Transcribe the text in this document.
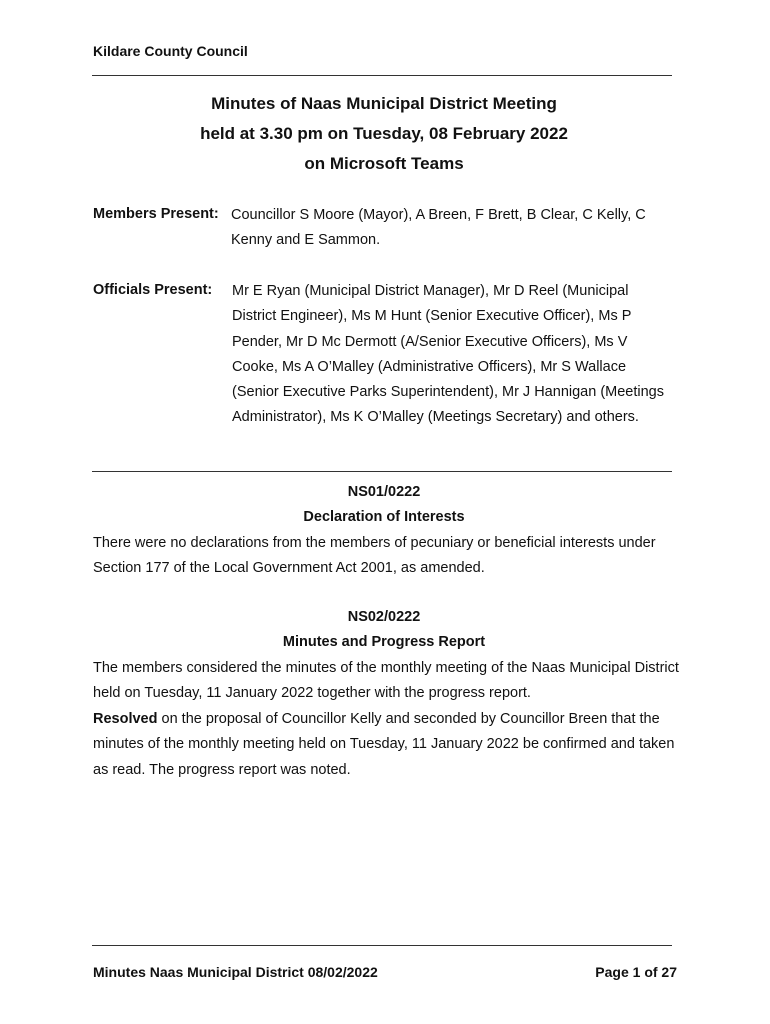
Kildare County Council
Minutes of Naas Municipal District Meeting
held at 3.30 pm on Tuesday, 08 February 2022
on Microsoft Teams
Members Present: Councillor S Moore (Mayor), A Breen, F Brett, B Clear, C Kelly, C Kenny and E Sammon.

Officials Present: Mr E Ryan (Municipal District Manager), Mr D Reel (Municipal District Engineer), Ms M Hunt (Senior Executive Officer), Ms P Pender, Mr D Mc Dermott (A/Senior Executive Officers), Ms V Cooke, Ms A O’Malley (Administrative Officers), Mr S Wallace (Senior Executive Parks Superintendent), Mr J Hannigan (Meetings Administrator), Ms K O’Malley (Meetings Secretary) and others.

NS01/0222
Declaration of Interests

There were no declarations from the members of pecuniary or beneficial interests under Section 177 of the Local Government Act 2001, as amended.

NS02/0222
Minutes and Progress Report

The members considered the minutes of the monthly meeting of the Naas Municipal District held on Tuesday, 11 January 2022 together with the progress report.

Resolved on the proposal of Councillor Kelly and seconded by Councillor Breen that the minutes of the monthly meeting held on Tuesday, 11 January 2022 be confirmed and taken as read. The progress report was noted.

Minutes Naas Municipal District 08/02/2022	Page 1 of 27
